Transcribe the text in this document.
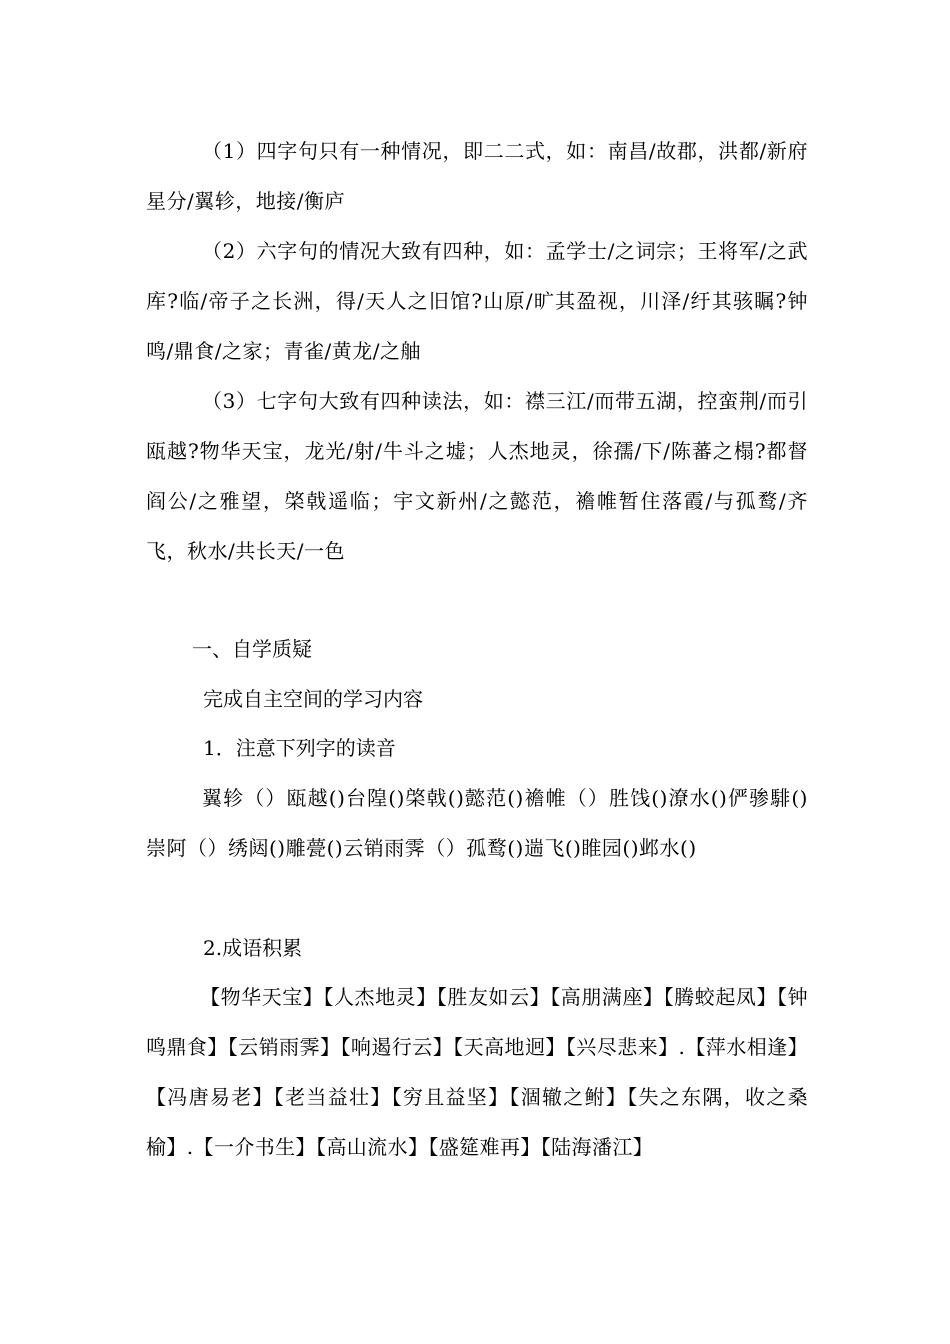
（1）四字句只有一种情况，即二二式，如：南昌/故郡，洪都/新府星分/翼轸，地接/衡庐

（2）六字句的情况大致有四种，如：孟学士/之词宗；王将军/之武库?临/帝子之长洲，得/天人之旧馆?山原/旷其盈视，川泽/纡其骇瞩?钟鸣/鼎食/之家；青雀/黄龙/之舳

（3）七字句大致有四种读法，如：襟三江/而带五湖，控蛮荆/而引瓯越?物华天宝，龙光/射/牛斗之墟；人杰地灵，徐孺/下/陈蕃之榻?都督阎公/之雅望，棨戟遥临；宇文新州/之懿范，襜帷暂住落霞/与孤鹜/齐飞，秋水/共长天/一色

一、自学质疑
完成自主空间的学习内容
1．注意下列字的读音

翼轸（）瓯越()台隍()棨戟()懿范()襜帷（）胜饯()潦水()俨骖騑()崇阿（）绣闼()雕甍()云销雨霁（）孤鹜()遄飞()睢园()邺水()

2.成语积累

【物华天宝】【人杰地灵】【胜友如云】【高朋满座】【腾蛟起凤】【钟鸣鼎食】【云销雨霁】【响遏行云】【天高地迥】【兴尽悲来】.【萍水相逢】【冯唐易老】【老当益壮】【穷且益坚】【涸辙之鲋】【失之东隅，收之桑榆】.【一介书生】【高山流水】【盛筵难再】【陆海潘江】
